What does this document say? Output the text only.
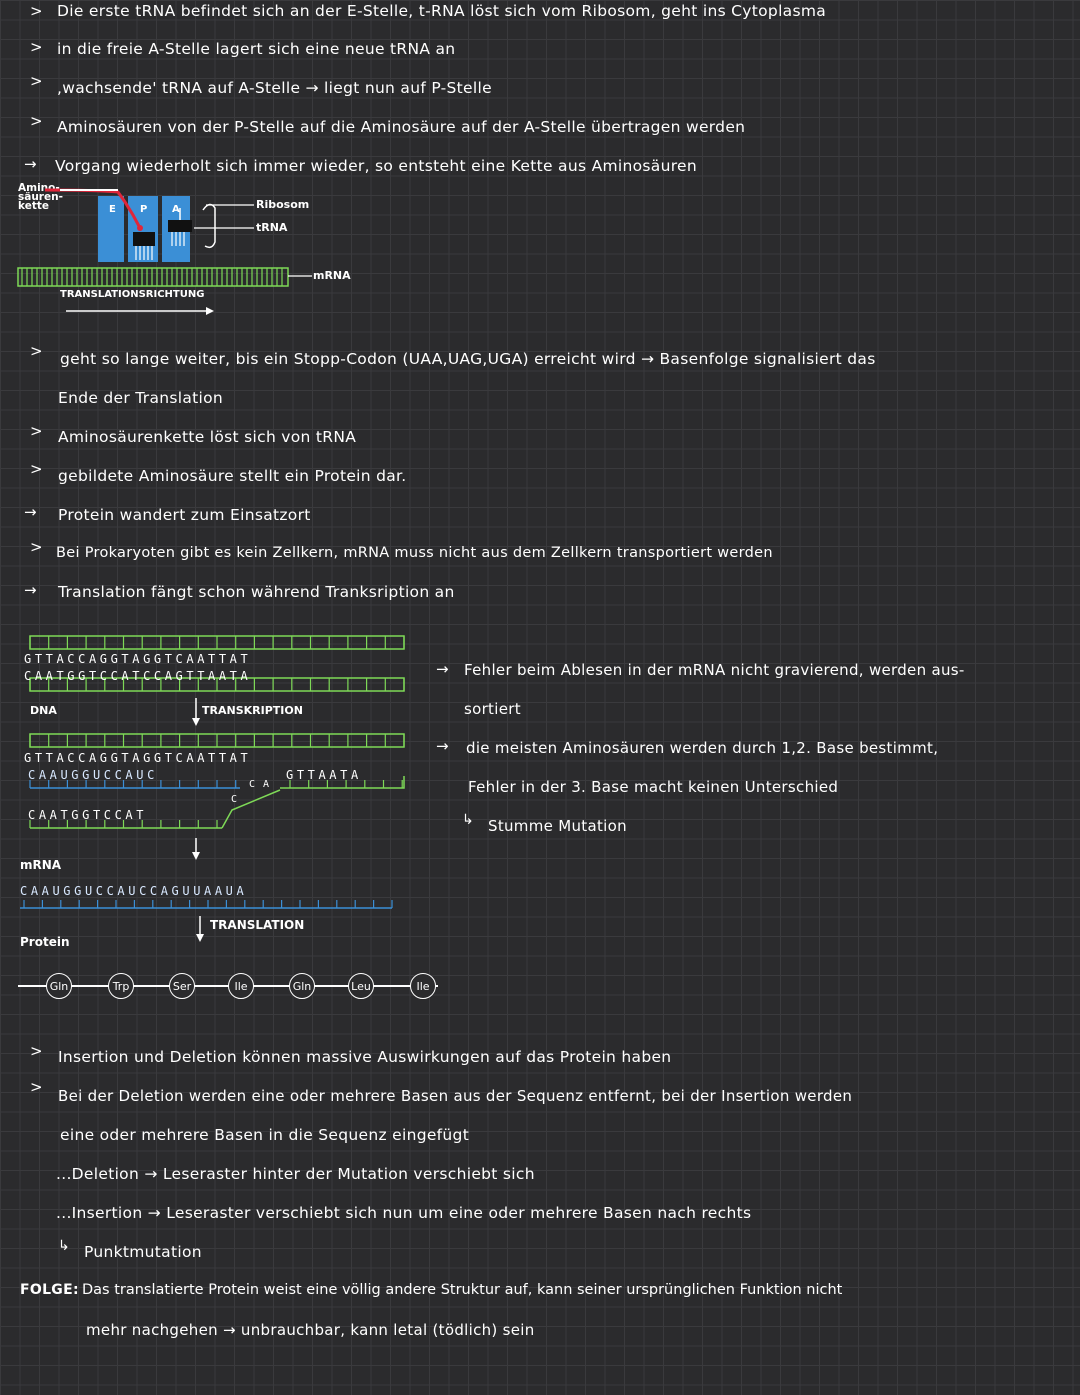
> Die erste tRNA befindet sich an der E-Stelle, t-RNA löst sich vom Ribosom, geht ins Cytoplasma
> in die freie A-Stelle lagert sich eine neue tRNA an
> ,wachsende' tRNA auf A-Stelle → liegt nun auf P-Stelle
> Aminosäuren von der P-Stelle auf die Aminosäure auf der A-Stelle übertragen werden
→ Vorgang wiederholt sich immer wieder, so entsteht eine Kette aus Aminosäuren
Amino-
säuren-
kette	E P A	Ribosom
tRNA
mRNA
TRANSLATIONSRICHTUNG
> geht so lange weiter, bis ein Stopp-Codon (UAA,UAG,UGA) erreicht wird → Basenfolge signalisiert das
Ende der Translation
> Aminosäurenkette löst sich von tRNA
> gebildete Aminosäure stellt ein Protein dar.
→ Protein wandert zum Einsatzort
> Bei Prokaryoten gibt es kein Zellkern, mRNA muss nicht aus dem Zellkern transportiert werden
→ Translation fängt schon während Tranksription an
GTTACCAGGTAGGTCAATTAT
CAATGGTCCATCCAGTTAATA
DNA	TRANSKRIPTION
GTTACCAGGTAGGTCAATTAT
CAAUGGUCCAUC	GTTAATA
C A
C
CAATGGTCCAT
mRNA
CAAUGGUCCAUCCAGUUAAUA
TRANSLATION
Protein
Gln	Trp	Ser	Ile	Gln	Leu	Ile
→ Fehler beim Ablesen in der mRNA nicht gravierend, werden aus-
sortiert
→ die meisten Aminosäuren werden durch 1,2. Base bestimmt,
Fehler in der 3. Base macht keinen Unterschied
↳ Stumme Mutation
> Insertion und Deletion können massive Auswirkungen auf das Protein haben
> Bei der Deletion werden eine oder mehrere Basen aus der Sequenz entfernt, bei der Insertion werden
eine oder mehrere Basen in die Sequenz eingefügt
...Deletion → Leseraster hinter der Mutation verschiebt sich
...Insertion → Leseraster verschiebt sich nun um eine oder mehrere Basen nach rechts
↳ Punktmutation
FOLGE: Das translatierte Protein weist eine völlig andere Struktur auf, kann seiner ursprünglichen Funktion nicht
mehr nachgehen → unbrauchbar, kann letal (tödlich) sein
